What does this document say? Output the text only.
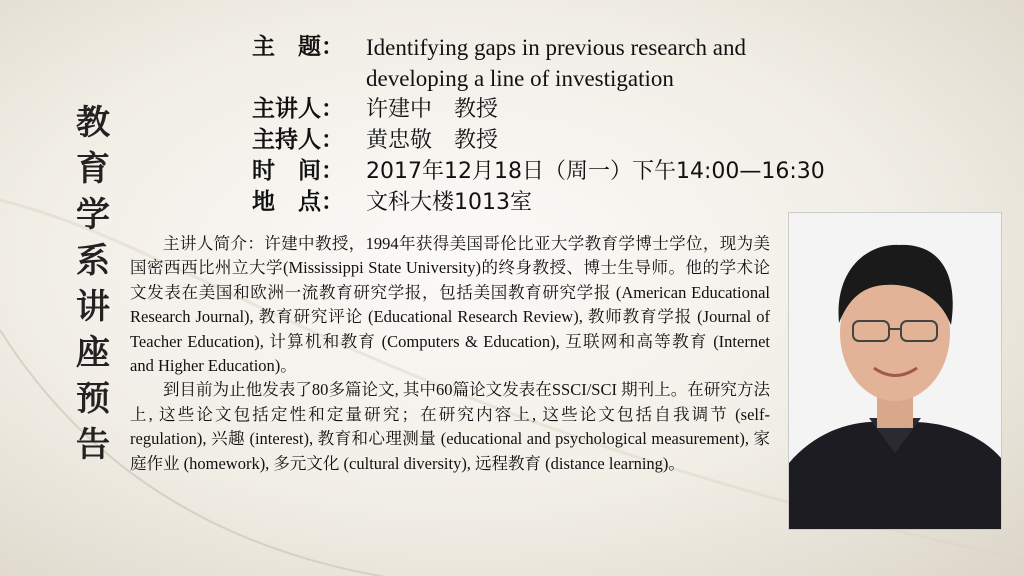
教
育
学
系
讲
座
预
告
主　题： Identifying gaps in previous research and
developing a line of investigation
主讲人：	许建中　教授
主持人：	黄忠敬　教授
时　间：	2017年12月18日（周一）下午14:00—16:30
地　点：	文科大楼1013室

主讲人简介：许建中教授，1994年获得美国哥伦比亚大学教育学博士学位，现为美国密西西比州立大学(Mississippi State University)的终身教授、博士生导师。他的学术论文发表在美国和欧洲一流教育研究学报，包括美国教育研究学报 (American Educational Research Journal), 教育研究评论 (Educational Research Review), 教师教育学报 (Journal of Teacher Education), 计算机和教育 (Computers & Education), 互联网和高等教育 (Internet and Higher Education)。

到目前为止他发表了80多篇论文, 其中60篇论文发表在SSCI/SCI 期刊上。在研究方法上, 这些论文包括定性和定量研究；在研究内容上, 这些论文包括自我调节 (self-regulation), 兴趣 (interest), 教育和心理测量 (educational and psychological measurement), 家庭作业 (homework), 多元文化 (cultural diversity), 远程教育 (distance learning)。
